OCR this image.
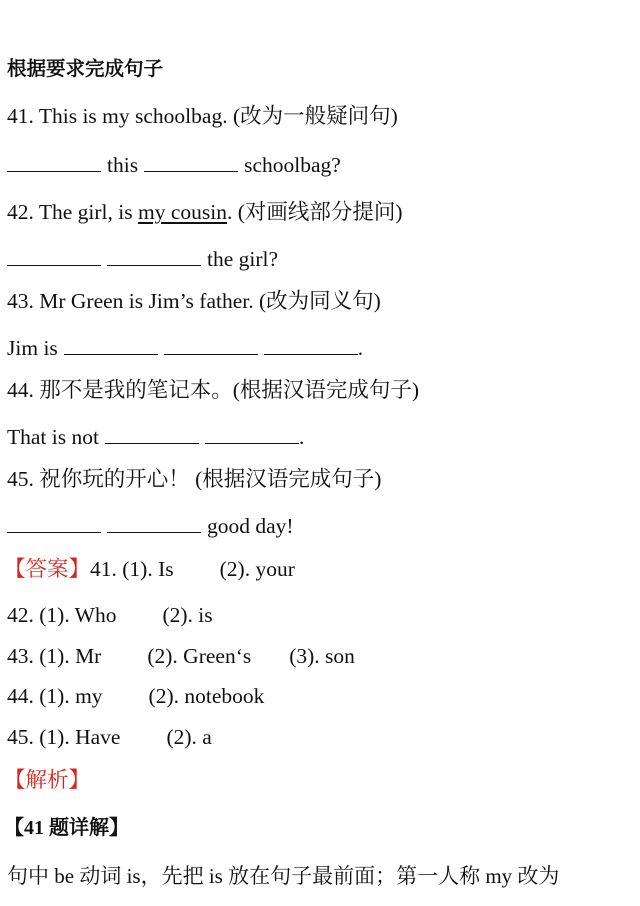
根据要求完成句子
41. This is my schoolbag. (改为一般疑问句)
this	schoolbag?
42. The girl, is my cousin. (对画线部分提问)
the girl?
43. Mr Green is Jim’s father. (改为同义句)
Jim is	.
44. 那不是我的笔记本。(根据汉语完成句子)
That is not	.
45. 祝你玩的开心！ (根据汉语完成句子)
good day!
【答案】41. (1). Is (2). your
42. (1). Who (2). is
43. (1). Mr (2). Green‘s (3). son
44. (1). my (2). notebook
45. (1). Have (2). a
【解析】
【41 题详解】
句中 be 动词 is，先把 is 放在句子最前面；第一人称 my 改为
